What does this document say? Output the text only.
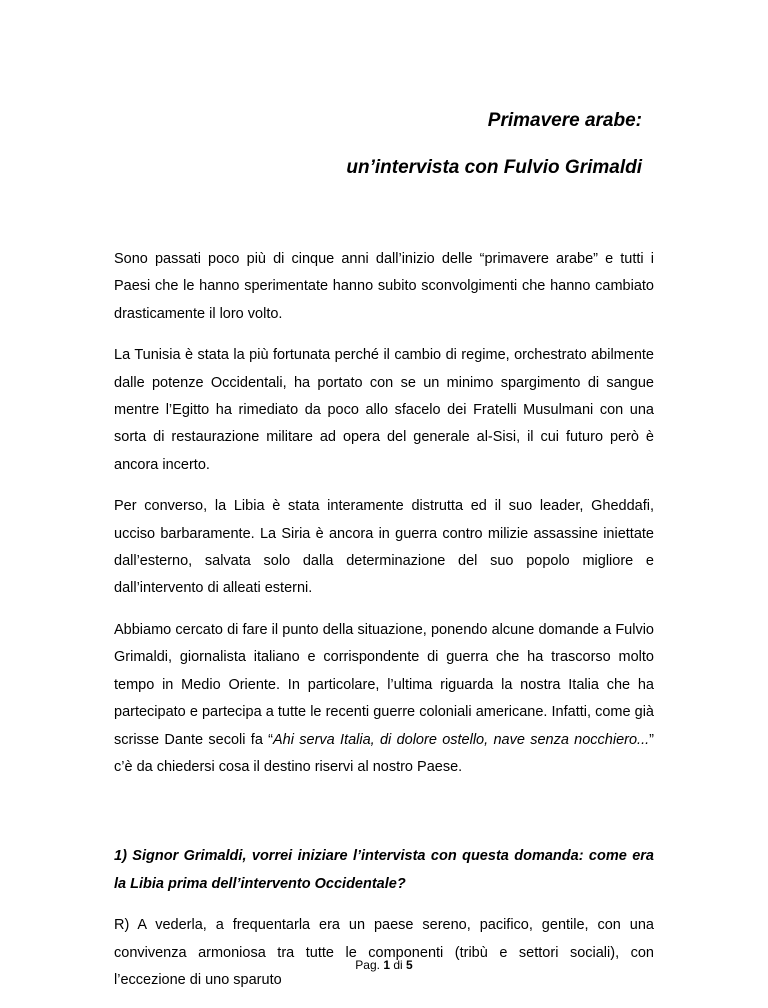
Primavere arabe:
un’intervista con Fulvio Grimaldi

Sono passati poco più di cinque anni dall’inizio delle “primavere arabe” e tutti i Paesi che le hanno sperimentate hanno subito sconvolgimenti che hanno cambiato drasticamente il loro volto.

La Tunisia è stata la più fortunata perché il cambio di regime, orchestrato abilmente dalle potenze Occidentali, ha portato con se un minimo spargimento di sangue mentre l’Egitto ha rimediato da poco allo sfacelo dei Fratelli Musulmani con una sorta di restaurazione militare ad opera del generale al-Sisi, il cui futuro però è ancora incerto.

Per converso, la Libia è stata interamente distrutta ed il suo leader, Gheddafi, ucciso barbaramente. La Siria è ancora in guerra contro milizie assassine iniettate dall’esterno, salvata solo dalla determinazione del suo popolo migliore e dall’intervento di alleati esterni.

Abbiamo cercato di fare il punto della situazione, ponendo alcune domande a Fulvio Grimaldi, giornalista italiano e corrispondente di guerra che ha trascorso molto tempo in Medio Oriente. In particolare, l’ultima riguarda la nostra Italia che ha partecipato e partecipa a tutte le recenti guerre coloniali americane. Infatti, come già scrisse Dante secoli fa “Ahi serva Italia, di dolore ostello, nave senza nocchiero...” c’è da chiedersi cosa il destino riservi al nostro Paese.

1) Signor Grimaldi, vorrei iniziare l’intervista con questa domanda: come era la Libia prima dell’intervento Occidentale?

R) A vederla, a frequentarla era un paese sereno, pacifico, gentile, con una convivenza armoniosa tra tutte le componenti (tribù e settori sociali), con l’eccezione di uno sparuto

Pag. 1 di 5
